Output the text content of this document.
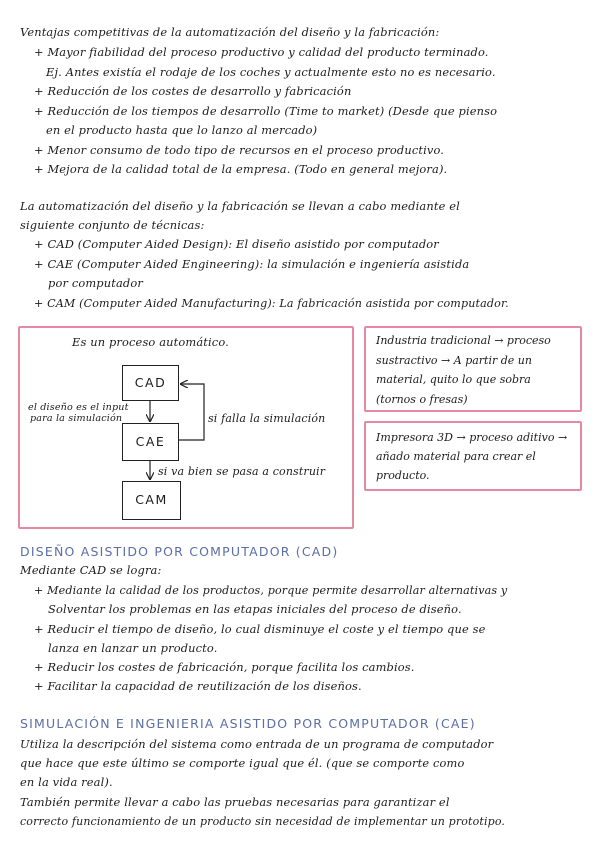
Ventajas competitivas de la automatización del diseño y la fabricación:
+ Mayor fiabilidad del proceso productivo y calidad del producto terminado.
Ej. Antes existía el rodaje de los coches y actualmente esto no es necesario.
+ Reducción de los costes de desarrollo y fabricación
+ Reducción de los tiempos de desarrollo (Time to market) (Desde que pienso
en el producto hasta que lo lanzo al mercado)
+ Menor consumo de todo tipo de recursos en el proceso productivo.
+ Mejora de la calidad total de la empresa. (Todo en general mejora).
La automatización del diseño y la fabricación se llevan a cabo mediante el
siguiente conjunto de técnicas:
+ CAD (Computer Aided Design): El diseño asistido por computador
+ CAE (Computer Aided Engineering): la simulación e ingeniería asistida
por computador
+ CAM (Computer Aided Manufacturing): La fabricación asistida por computador.
Es un proceso automático.
CAD
CAE
CAM
el diseño es el input
para la simulación	si falla la simulación
si va bien se pasa a construir
Industria tradicional → proceso
sustractivo → A partir de un
material, quito lo que sobra
(tornos o fresas)
Impresora 3D → proceso aditivo →
añado material para crear el
producto.
DISEÑO ASISTIDO POR COMPUTADOR (CAD)
Mediante CAD se logra:
+ Mediante la calidad de los productos, porque permite desarrollar alternativas y
Solventar los problemas en las etapas iniciales del proceso de diseño.
+ Reducir el tiempo de diseño, lo cual disminuye el coste y el tiempo que se
lanza en lanzar un producto.
+ Reducir los costes de fabricación, porque facilita los cambios.
+ Facilitar la capacidad de reutilización de los diseños.
SIMULACIÓN E INGENIERIA ASISTIDO POR COMPUTADOR (CAE)
Utiliza la descripción del sistema como entrada de un programa de computador
que hace que este último se comporte igual que él. (que se comporte como
en la vida real).
También permite llevar a cabo las pruebas necesarias para garantizar el
correcto funcionamiento de un producto sin necesidad de implementar un prototipo.
